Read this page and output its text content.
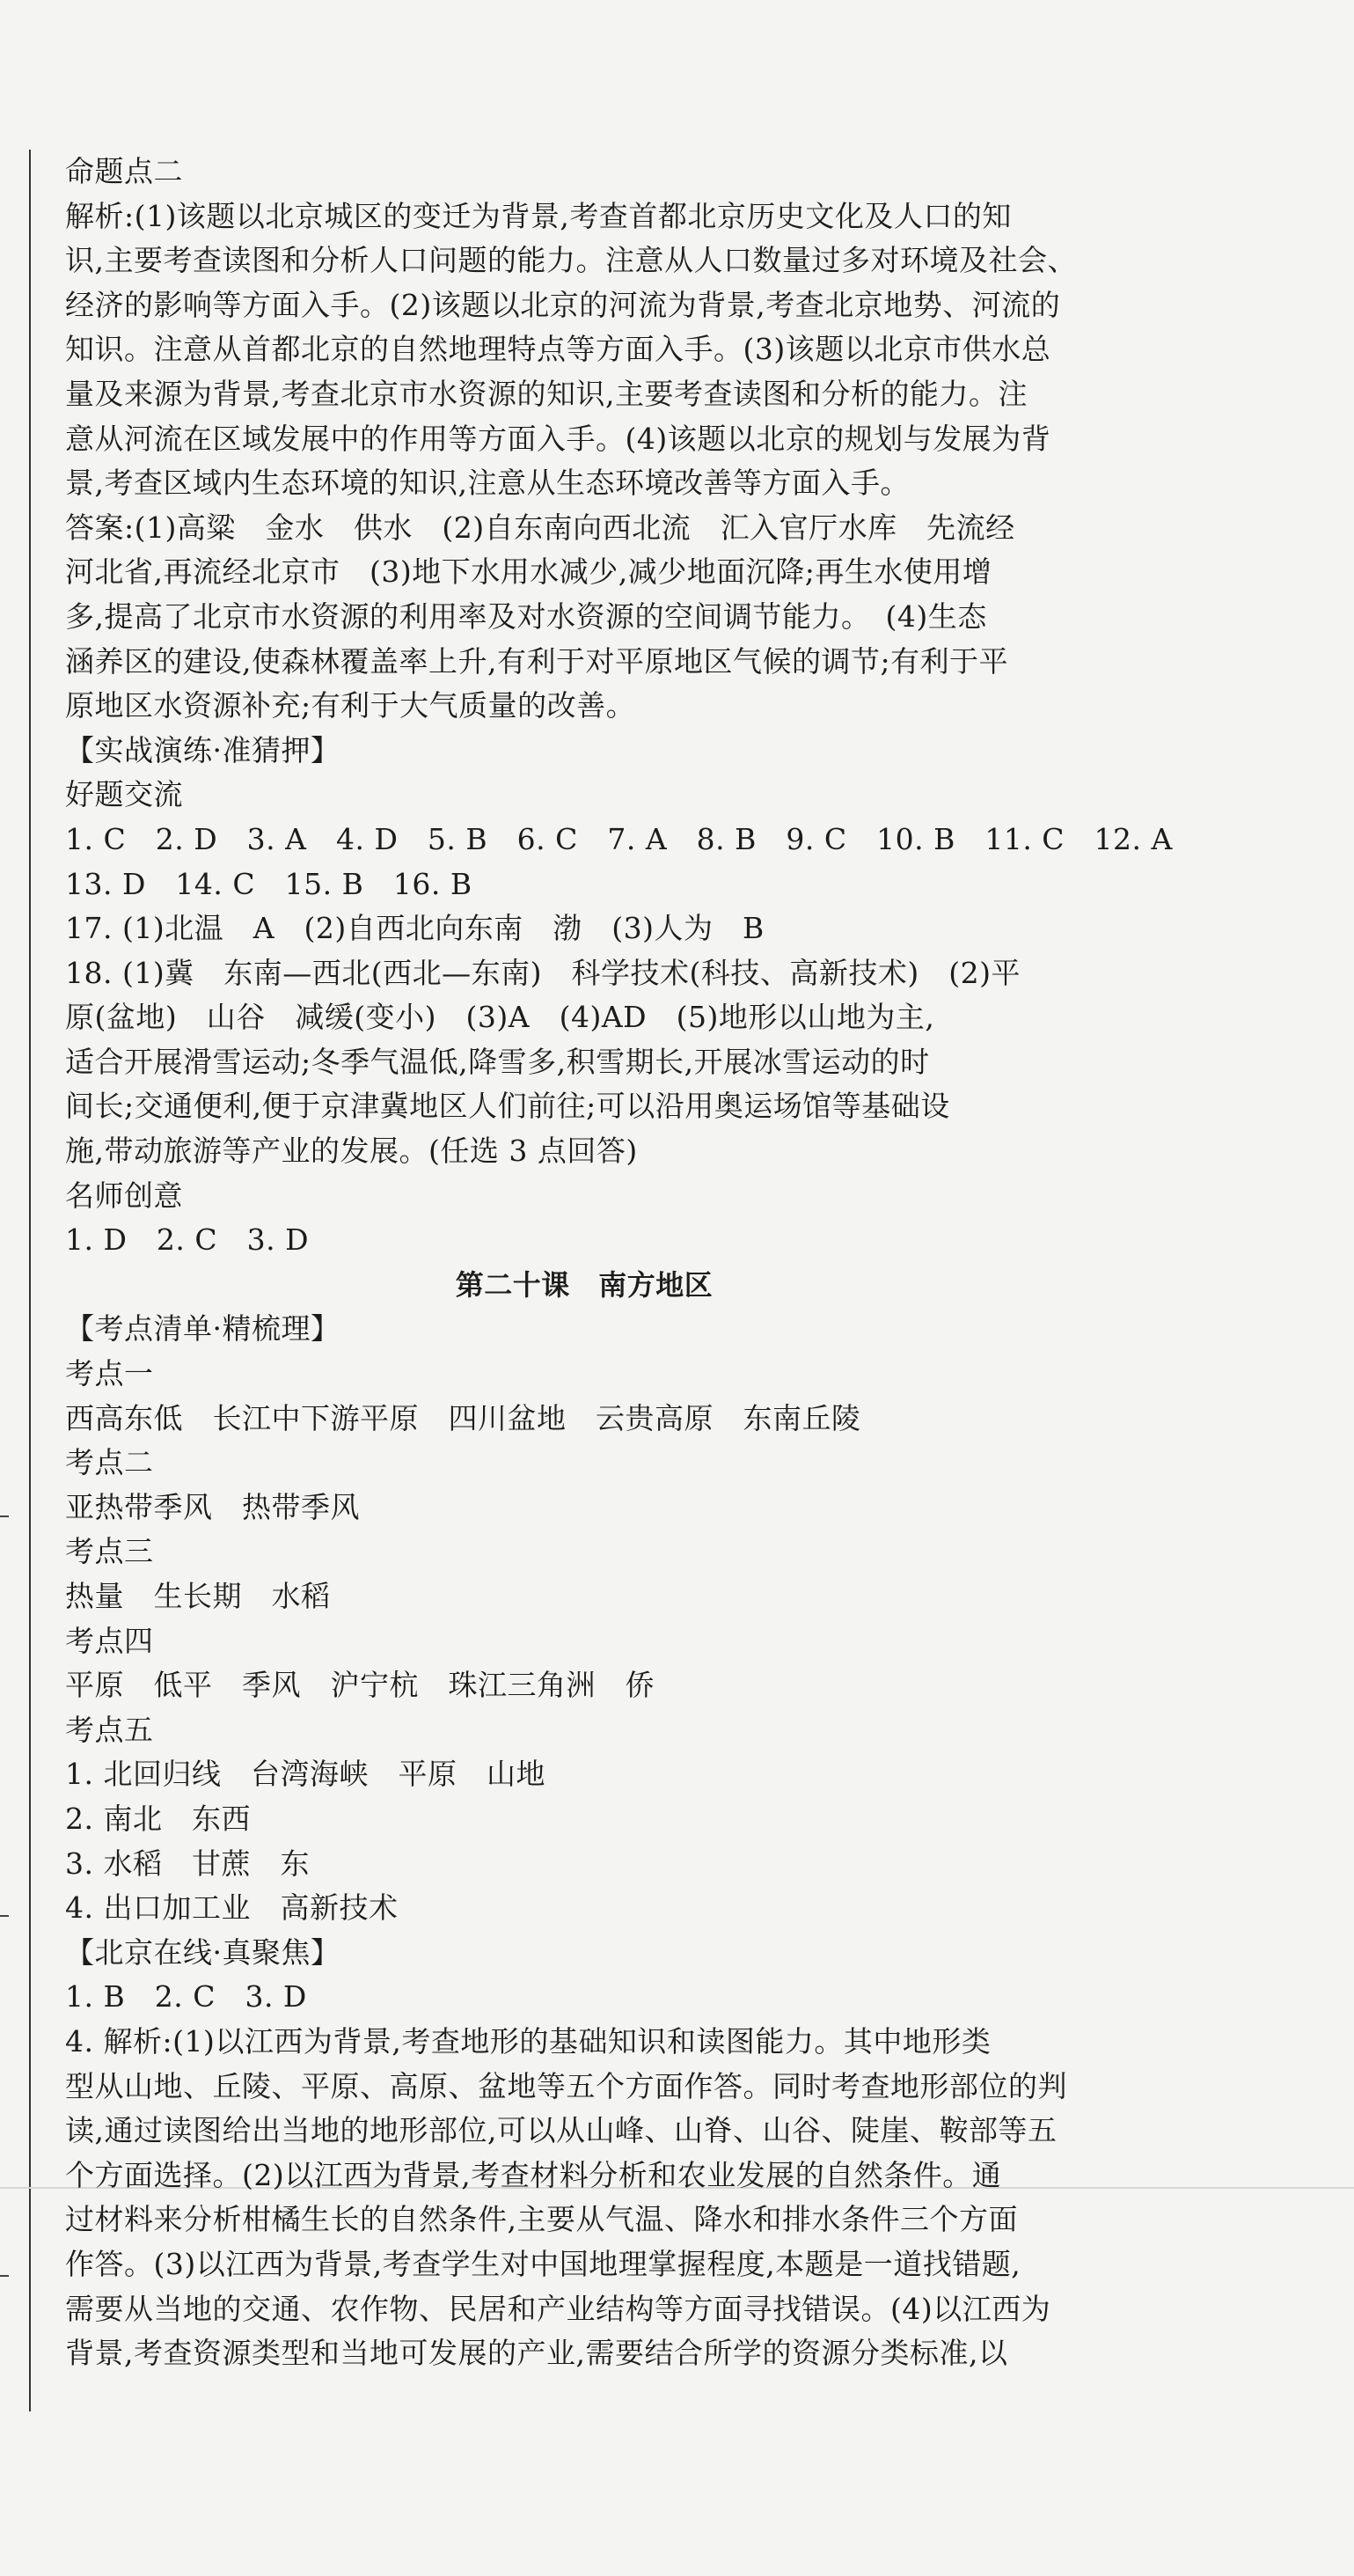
命题点二
解析:(1)该题以北京城区的变迁为背景,考查首都北京历史文化及人口的知
识,主要考查读图和分析人口问题的能力。注意从人口数量过多对环境及社会、
经济的影响等方面入手。(2)该题以北京的河流为背景,考查北京地势、河流的
知识。注意从首都北京的自然地理特点等方面入手。(3)该题以北京市供水总
量及来源为背景,考查北京市水资源的知识,主要考查读图和分析的能力。注
意从河流在区域发展中的作用等方面入手。(4)该题以北京的规划与发展为背
景,考查区域内生态环境的知识,注意从生态环境改善等方面入手。
答案:(1)高粱　金水　供水　(2)自东南向西北流　汇入官厅水库　先流经
河北省,再流经北京市　(3)地下水用水减少,减少地面沉降;再生水使用增
多,提高了北京市水资源的利用率及对水资源的空间调节能力。　(4)生态
涵养区的建设,使森林覆盖率上升,有利于对平原地区气候的调节;有利于平
原地区水资源补充;有利于大气质量的改善。
【实战演练·准猜押】
好题交流
1. C　2. D　3. A　4. D　5. B　6. C　7. A　8. B　9. C　10. B　11. C　12. A
13. D　14. C　15. B　16. B
17. (1)北温　A　(2)自西北向东南　渤　(3)人为　B
18. (1)冀　东南—西北(西北—东南)　科学技术(科技、高新技术)　(2)平
原(盆地)　山谷　减缓(变小)　(3)A　(4)AD　(5)地形以山地为主,
适合开展滑雪运动;冬季气温低,降雪多,积雪期长,开展冰雪运动的时
间长;交通便利,便于京津冀地区人们前往;可以沿用奥运场馆等基础设
施,带动旅游等产业的发展。(任选 3 点回答)
名师创意
1. D　2. C　3. D
第二十课　南方地区
【考点清单·精梳理】
考点一
西高东低　长江中下游平原　四川盆地　云贵高原　东南丘陵
考点二
亚热带季风　热带季风
考点三
热量　生长期　水稻
考点四
平原　低平　季风　沪宁杭　珠江三角洲　侨
考点五
1. 北回归线　台湾海峡　平原　山地
2. 南北　东西
3. 水稻　甘蔗　东
4. 出口加工业　高新技术
【北京在线·真聚焦】
1. B　2. C　3. D
4. 解析:(1)以江西为背景,考查地形的基础知识和读图能力。其中地形类
型从山地、丘陵、平原、高原、盆地等五个方面作答。同时考查地形部位的判
读,通过读图给出当地的地形部位,可以从山峰、山脊、山谷、陡崖、鞍部等五
个方面选择。(2)以江西为背景,考查材料分析和农业发展的自然条件。通
过材料来分析柑橘生长的自然条件,主要从气温、降水和排水条件三个方面
作答。(3)以江西为背景,考查学生对中国地理掌握程度,本题是一道找错题,
需要从当地的交通、农作物、民居和产业结构等方面寻找错误。(4)以江西为
背景,考查资源类型和当地可发展的产业,需要结合所学的资源分类标准,以
